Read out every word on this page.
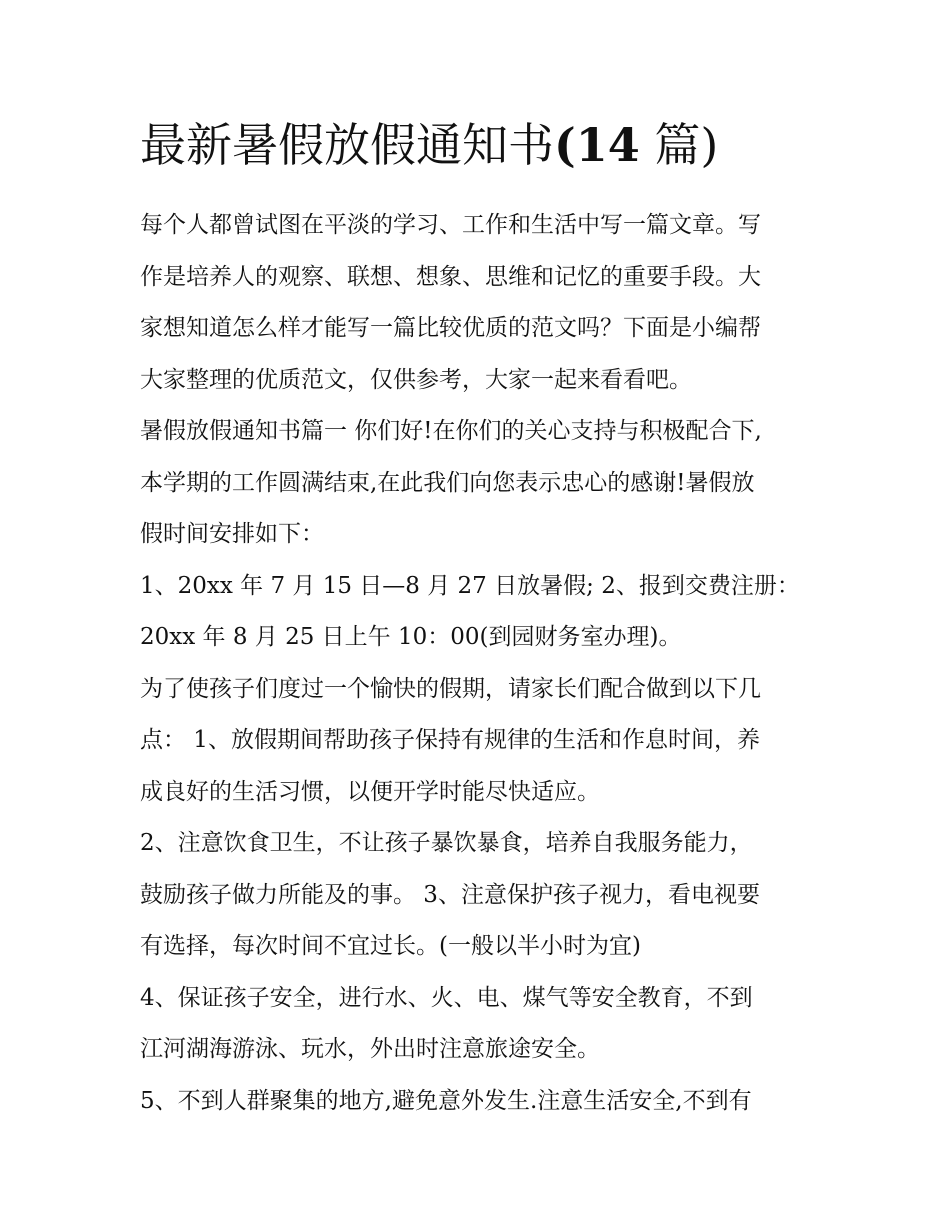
最新暑假放假通知书(14 篇)
每个人都曾试图在平淡的学习、工作和生活中写一篇文章。写
作是培养人的观察、联想、想象、思维和记忆的重要手段。大
家想知道怎么样才能写一篇比较优质的范文吗？下面是小编帮
大家整理的优质范文，仅供参考，大家一起来看看吧。
暑假放假通知书篇一 你们好!在你们的关心支持与积极配合下,
本学期的工作圆满结束,在此我们向您表示忠心的感谢!暑假放
假时间安排如下：
1、20xx 年 7 月 15 日—8 月 27 日放暑假; 2、报到交费注册：
20xx 年 8 月 25 日上午 10：00(到园财务室办理)。
为了使孩子们度过一个愉快的假期，请家长们配合做到以下几
点： 1、放假期间帮助孩子保持有规律的生活和作息时间，养
成良好的生活习惯，以便开学时能尽快适应。
2、注意饮食卫生，不让孩子暴饮暴食，培养自我服务能力，
鼓励孩子做力所能及的事。 3、注意保护孩子视力，看电视要
有选择，每次时间不宜过长。(一般以半小时为宜)
4、保证孩子安全，进行水、火、电、煤气等安全教育，不到
江河湖海游泳、玩水，外出时注意旅途安全。
5、不到人群聚集的地方,避免意外发生.注意生活安全,不到有
